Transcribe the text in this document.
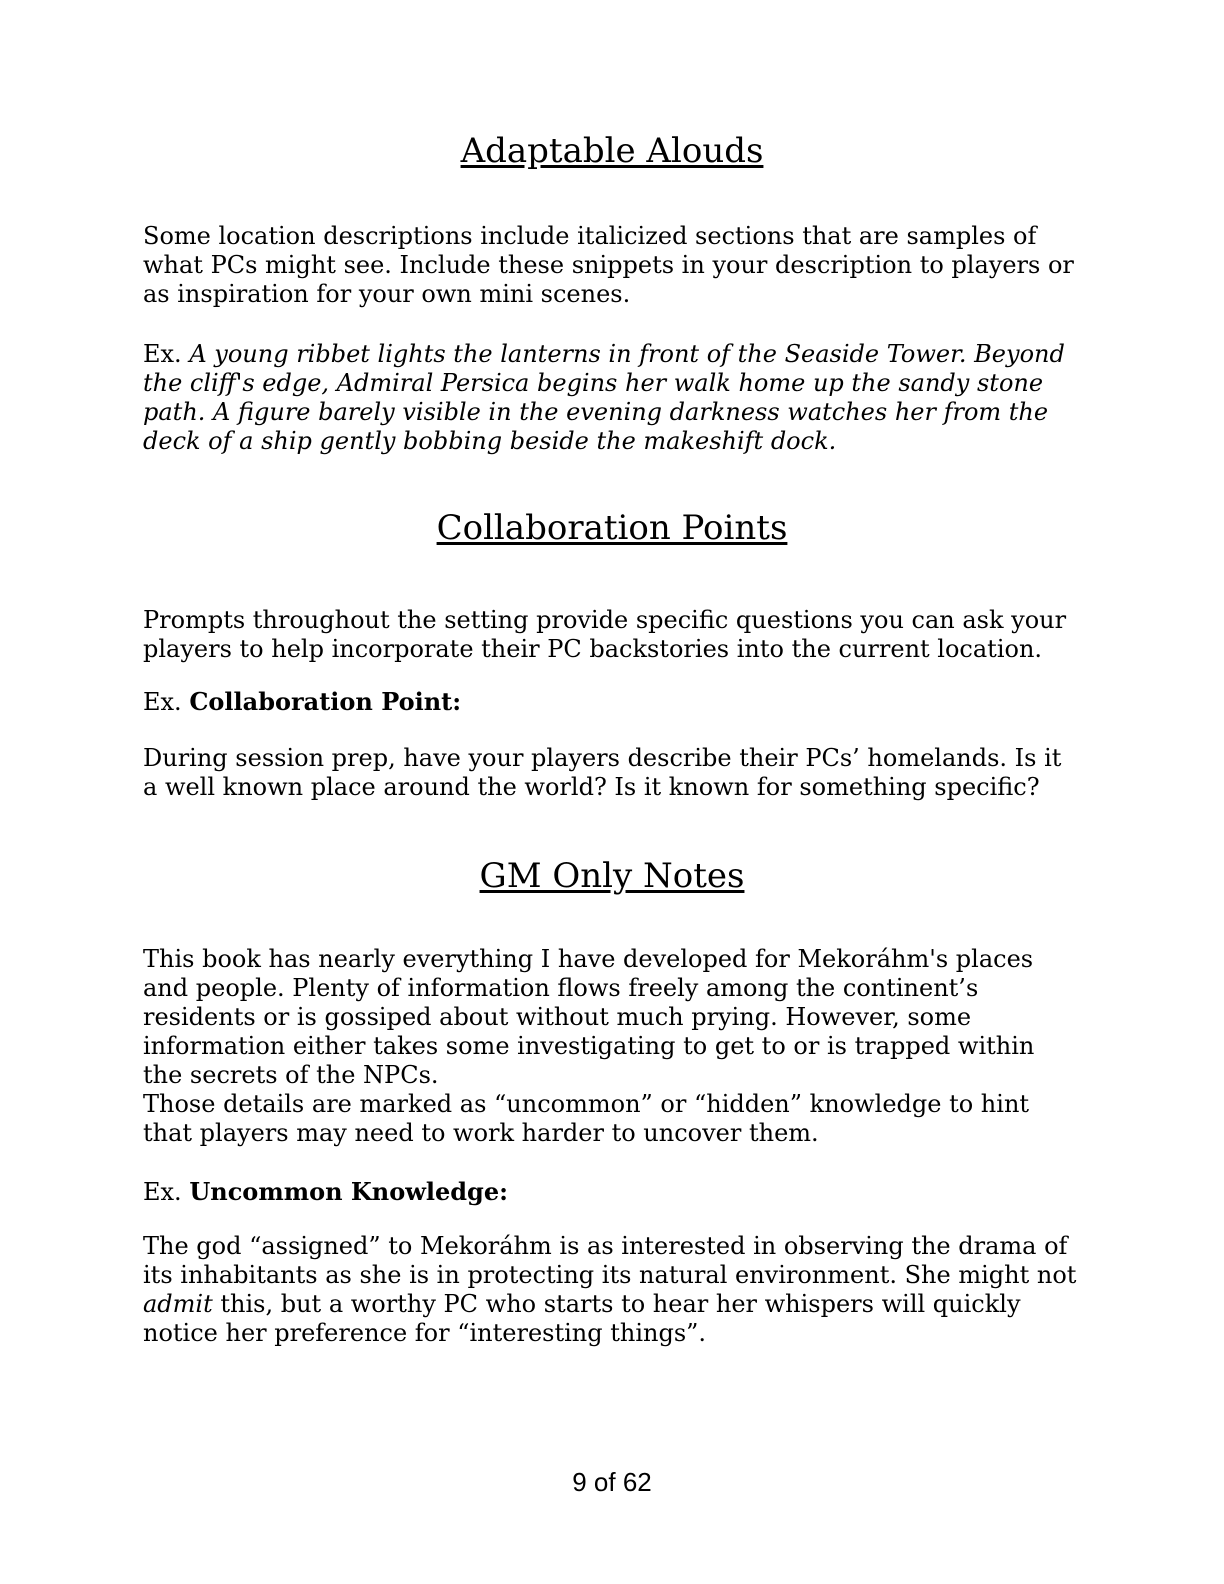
Adaptable Alouds

Some location descriptions include italicized sections that are samples of what PCs might see. Include these snippets in your description to players or as inspiration for your own mini scenes.

Ex. A young ribbet lights the lanterns in front of the Seaside Tower. Beyond the cliff's edge, Admiral Persica begins her walk home up the sandy stone path. A figure barely visible in the evening darkness watches her from the deck of a ship gently bobbing beside the makeshift dock.

Collaboration Points

Prompts throughout the setting provide specific questions you can ask your players to help incorporate their PC backstories into the current location.

Ex. Collaboration Point:

During session prep, have your players describe their PCs’ homelands. Is it a well known place around the world? Is it known for something specific?

GM Only Notes

This book has nearly everything I have developed for Mekoráhm's places and people. Plenty of information flows freely among the continent’s residents or is gossiped about without much prying. However, some information either takes some investigating to get to or is trapped within the secrets of the NPCs.

Those details are marked as “uncommon” or “hidden” knowledge to hint that players may need to work harder to uncover them.

Ex. Uncommon Knowledge:

The god “assigned” to Mekoráhm is as interested in observing the drama of its inhabitants as she is in protecting its natural environment. She might not admit this, but a worthy PC who starts to hear her whispers will quickly notice her preference for “interesting things”.

9 of 62
